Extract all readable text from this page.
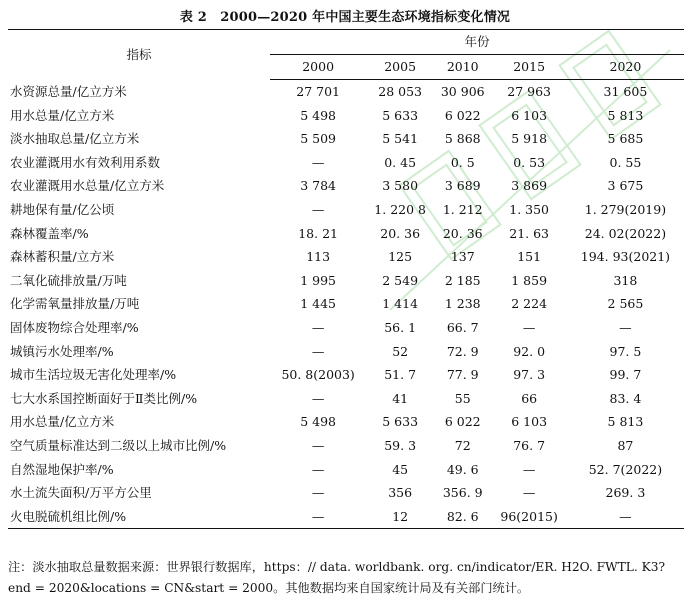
表 2　2000—2020 年中国主要生态环境指标变化情况
指标	年份				
	2000	2005	2010	2015	2020
水资源总量/亿立方米	27 701	28 053	30 906	27 963	31 605
用水总量/亿立方米	5 498	5 633	6 022	6 103	5 813
淡水抽取总量/亿立方米	5 509	5 541	5 868	5 918	5 685
农业灌溉用水有效利用系数	—	0. 45	0. 5	0. 53	0. 55
农业灌溉用水总量/亿立方米	3 784	3 580	3 689	3 869	3 675
耕地保有量/亿公顷	—	1. 220 8	1. 212	1. 350	1. 279(2019)
森林覆盖率/%	18. 21	20. 36	20. 36	21. 63	24. 02(2022)
森林蓄积量/立方米	113	125	137	151	194. 93(2021)
二氧化硫排放量/万吨	1 995	2 549	2 185	1 859	318
化学需氧量排放量/万吨	1 445	1 414	1 238	2 224	2 565
固体废物综合处理率/%	—	56. 1	66. 7	—	—
城镇污水处理率/%	—	52	72. 9	92. 0	97. 5
城市生活垃圾无害化处理率/%	50. 8(2003)	51. 7	77. 9	97. 3	99. 7
七大水系国控断面好于Ⅱ类比例/%	—	41	55	66	83. 4
用水总量/亿立方米	5 498	5 633	6 022	6 103	5 813
空气质量标准达到二级以上城市比例/%	—	59. 3	72	76. 7	87
自然湿地保护率/%	—	45	49. 6	—	52. 7(2022)
水土流失面积/万平方公里	—	356	356. 9	—	269. 3
火电脱硫机组比例/%	—	12	82. 6	96(2015)	—
注：淡水抽取总量数据来源：世界银行数据库，https：// data. worldbank. org. cn/indicator/ER. H2O. FWTL. K3?
end = 2020&locations = CN&start = 2000。其他数据均来自国家统计局及有关部门统计。
